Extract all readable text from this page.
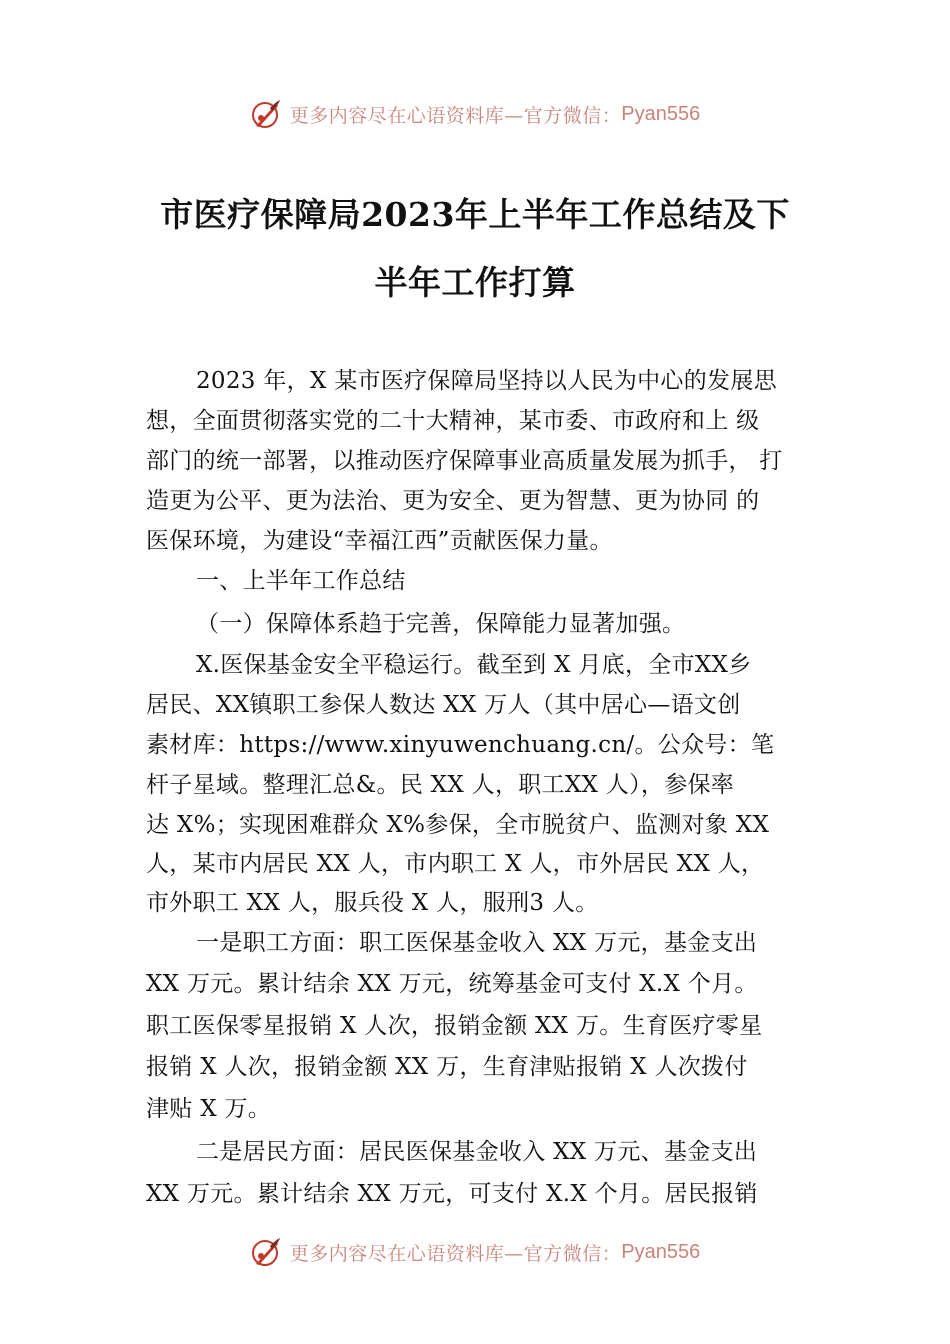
更多内容尽在心语资料库—官方微信： Pyan556
市医疗保障局2023年上半年工作总结及下
半年工作打算
2023 年，X 某市医疗保障局坚持以人民为中心的发展思
想，全面贯彻落实党的二十大精神，某市委、市政府和上 级
部门的统一部署，以推动医疗保障事业高质量发展为抓手， 打
造更为公平、更为法治、更为安全、更为智慧、更为协同 的
医保环境，为建设“幸福江西”贡献医保力量。
一、上半年工作总结
（一）保障体系趋于完善，保障能力显著加强。
X.医保基金安全平稳运行。截至到 X 月底，全市XX乡
居民、XX镇职工参保人数达 XX 万人（其中居心—语文创
素材库：https://www.xinyuwenchuang.cn/。公众号：笔
杆子星域。整理汇总&。民 XX 人，职工XX 人），参保率
达 X%；实现困难群众 X%参保，全市脱贫户、监测对象 XX
人，某市内居民 XX 人，市内职工 X 人，市外居民 XX 人，
市外职工 XX 人，服兵役 X 人，服刑3 人。
一是职工方面：职工医保基金收入 XX 万元，基金支出
XX 万元。累计结余 XX 万元，统筹基金可支付 X.X 个月。
职工医保零星报销 X 人次，报销金额 XX 万。生育医疗零星
报销 X 人次，报销金额 XX 万，生育津贴报销 X 人次拨付
津贴 X 万。
二是居民方面：居民医保基金收入 XX 万元、基金支出
XX 万元。累计结余 XX 万元，可支付 X.X 个月。居民报销
更多内容尽在心语资料库—官方微信： Pyan556
